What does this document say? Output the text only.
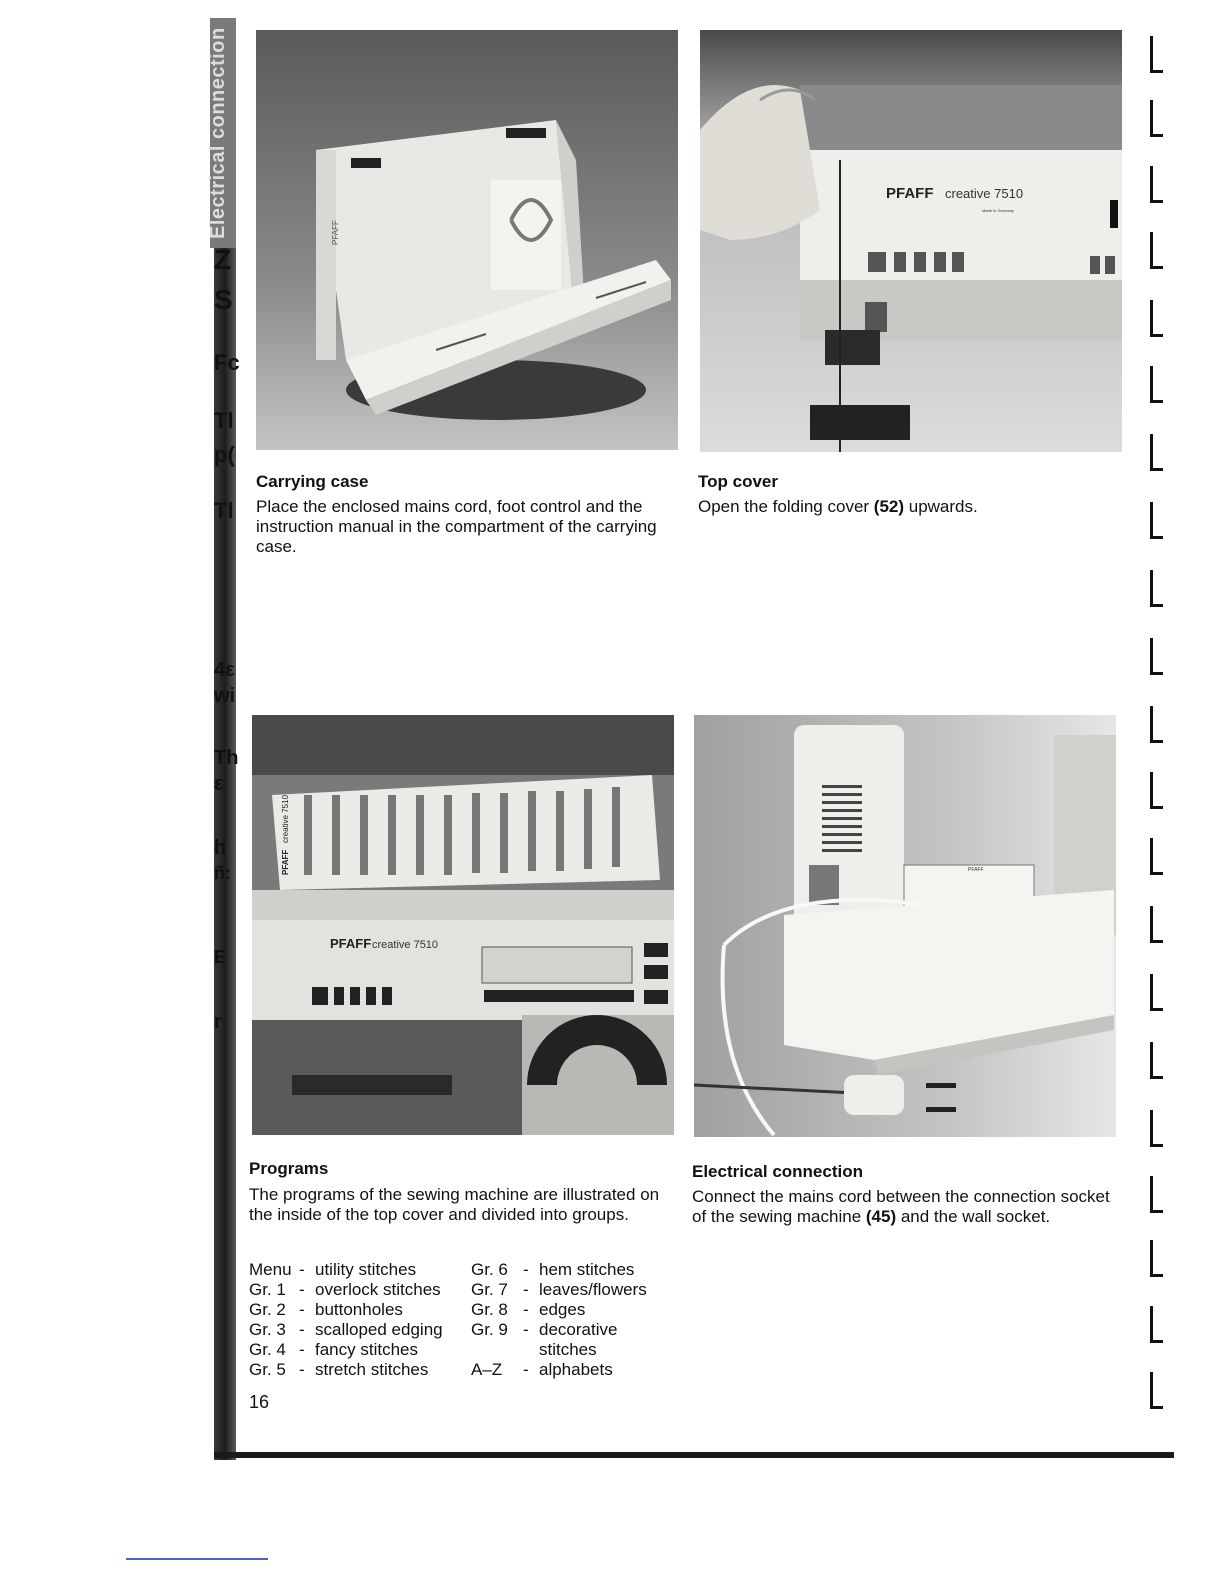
Electrical connection
Z
S
Fc
Tl
p(
Tl
4ε
wi
Th
ε
h
ñ:
E
r
PFAFF
PFAFF creative 7510
Made in Germany
PFAFF
creative 7510
PFAFF creative 7510
PFAFF
Carrying case
Place the enclosed mains cord, foot control and the instruction manual in the compartment of the carrying case.
Top cover
Open the folding cover (52) upwards.
Programs
The programs of the sewing machine are illustrated on the inside of the top cover and divided into groups.
Menu - utility stitches
Gr. 1 - overlock stitches
Gr. 2 - buttonholes
Gr. 3 - scalloped edging
Gr. 4 - fancy stitches
Gr. 5 - stretch stitches
Gr. 6 - hem stitches
Gr. 7 - leaves/flowers
Gr. 8 - edges
Gr. 9 - decorative
stitches
A–Z - alphabets
Electrical connection
Connect the mains cord between the connection socket of the sewing machine (45) and the wall socket.
16
